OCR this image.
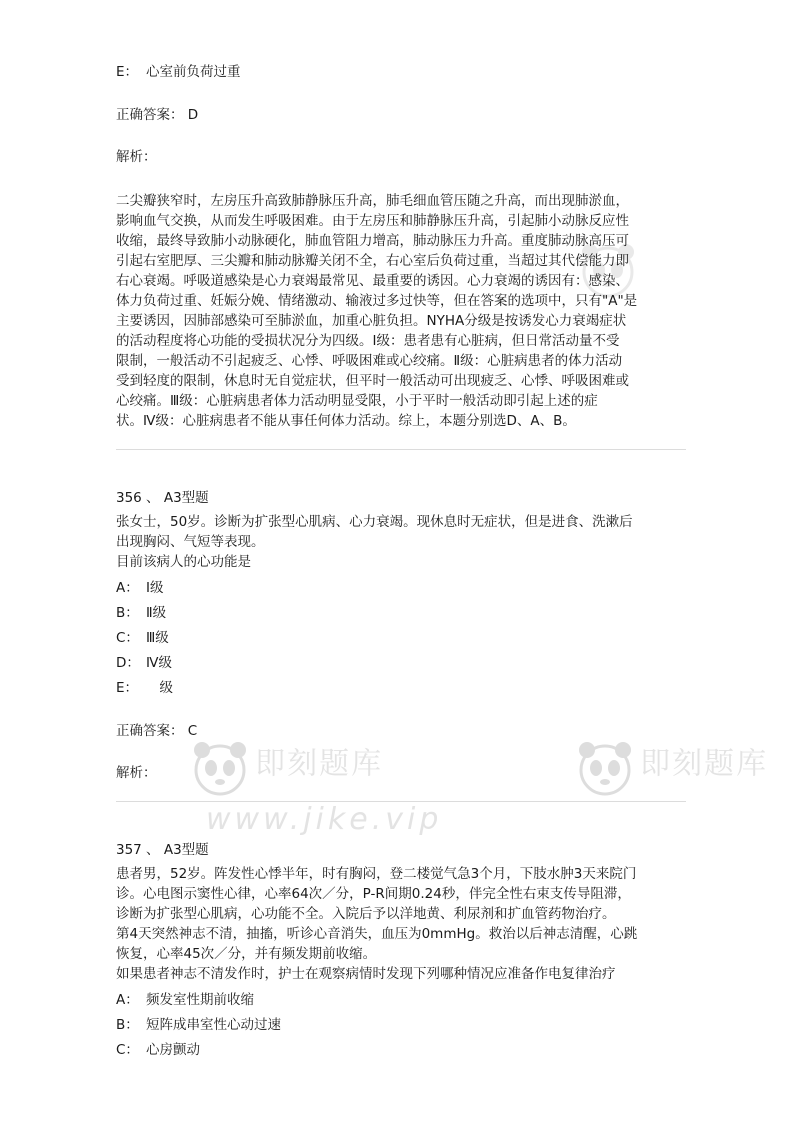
即刻题库
www.jike.vip
即刻题库
E： 心室前负荷过重
正确答案： D
解析：
二尖瓣狭窄时，左房压升高致肺静脉压升高，肺毛细血管压随之升高，而出现肺淤血，
影响血气交换，从而发生呼吸困难。由于左房压和肺静脉压升高，引起肺小动脉反应性
收缩，最终导致肺小动脉硬化，肺血管阻力增高，肺动脉压力升高。重度肺动脉高压可
引起右室肥厚、三尖瓣和肺动脉瓣关闭不全，右心室后负荷过重，当超过其代偿能力即
右心衰竭。呼吸道感染是心力衰竭最常见、最重要的诱因。心力衰竭的诱因有：感染、
体力负荷过重、妊娠分娩、情绪激动、输液过多过快等，但在答案的选项中，只有"A"是
主要诱因，因肺部感染可至肺淤血，加重心脏负担。NYHA分级是按诱发心力衰竭症状
的活动程度将心功能的受损状况分为四级。Ⅰ级：患者患有心脏病，但日常活动量不受
限制，一般活动不引起疲乏、心悸、呼吸困难或心绞痛。Ⅱ级：心脏病患者的体力活动
受到轻度的限制，休息时无自觉症状，但平时一般活动可出现疲乏、心悸、呼吸困难或
心绞痛。Ⅲ级：心脏病患者体力活动明显受限，小于平时一般活动即引起上述的症
状。Ⅳ级：心脏病患者不能从事任何体力活动。综上，本题分别选D、A、B。
356 、 A3型题
张女士，50岁。诊断为扩张型心肌病、心力衰竭。现休息时无症状，但是进食、洗漱后
出现胸闷、气短等表现。
目前该病人的心功能是
A： Ⅰ级
B： Ⅱ级
C： Ⅲ级
D： Ⅳ级
E：　级
正确答案： C
解析：
357 、 A3型题
患者男，52岁。阵发性心悸半年，时有胸闷，登二楼觉气急3个月，下肢水肿3天来院门
诊。心电图示窦性心律，心率64次／分，P-R间期0.24秒，伴完全性右束支传导阻滞，
诊断为扩张型心肌病，心功能不全。入院后予以洋地黄、利尿剂和扩血管药物治疗。
第4天突然神志不清，抽搐，听诊心音消失，血压为0mmHg。救治以后神志清醒，心跳
恢复，心率45次／分，并有频发期前收缩。
如果患者神志不清发作时，护士在观察病情时发现下列哪种情况应准备作电复律治疗
A： 频发室性期前收缩
B： 短阵成串室性心动过速
C： 心房颤动
